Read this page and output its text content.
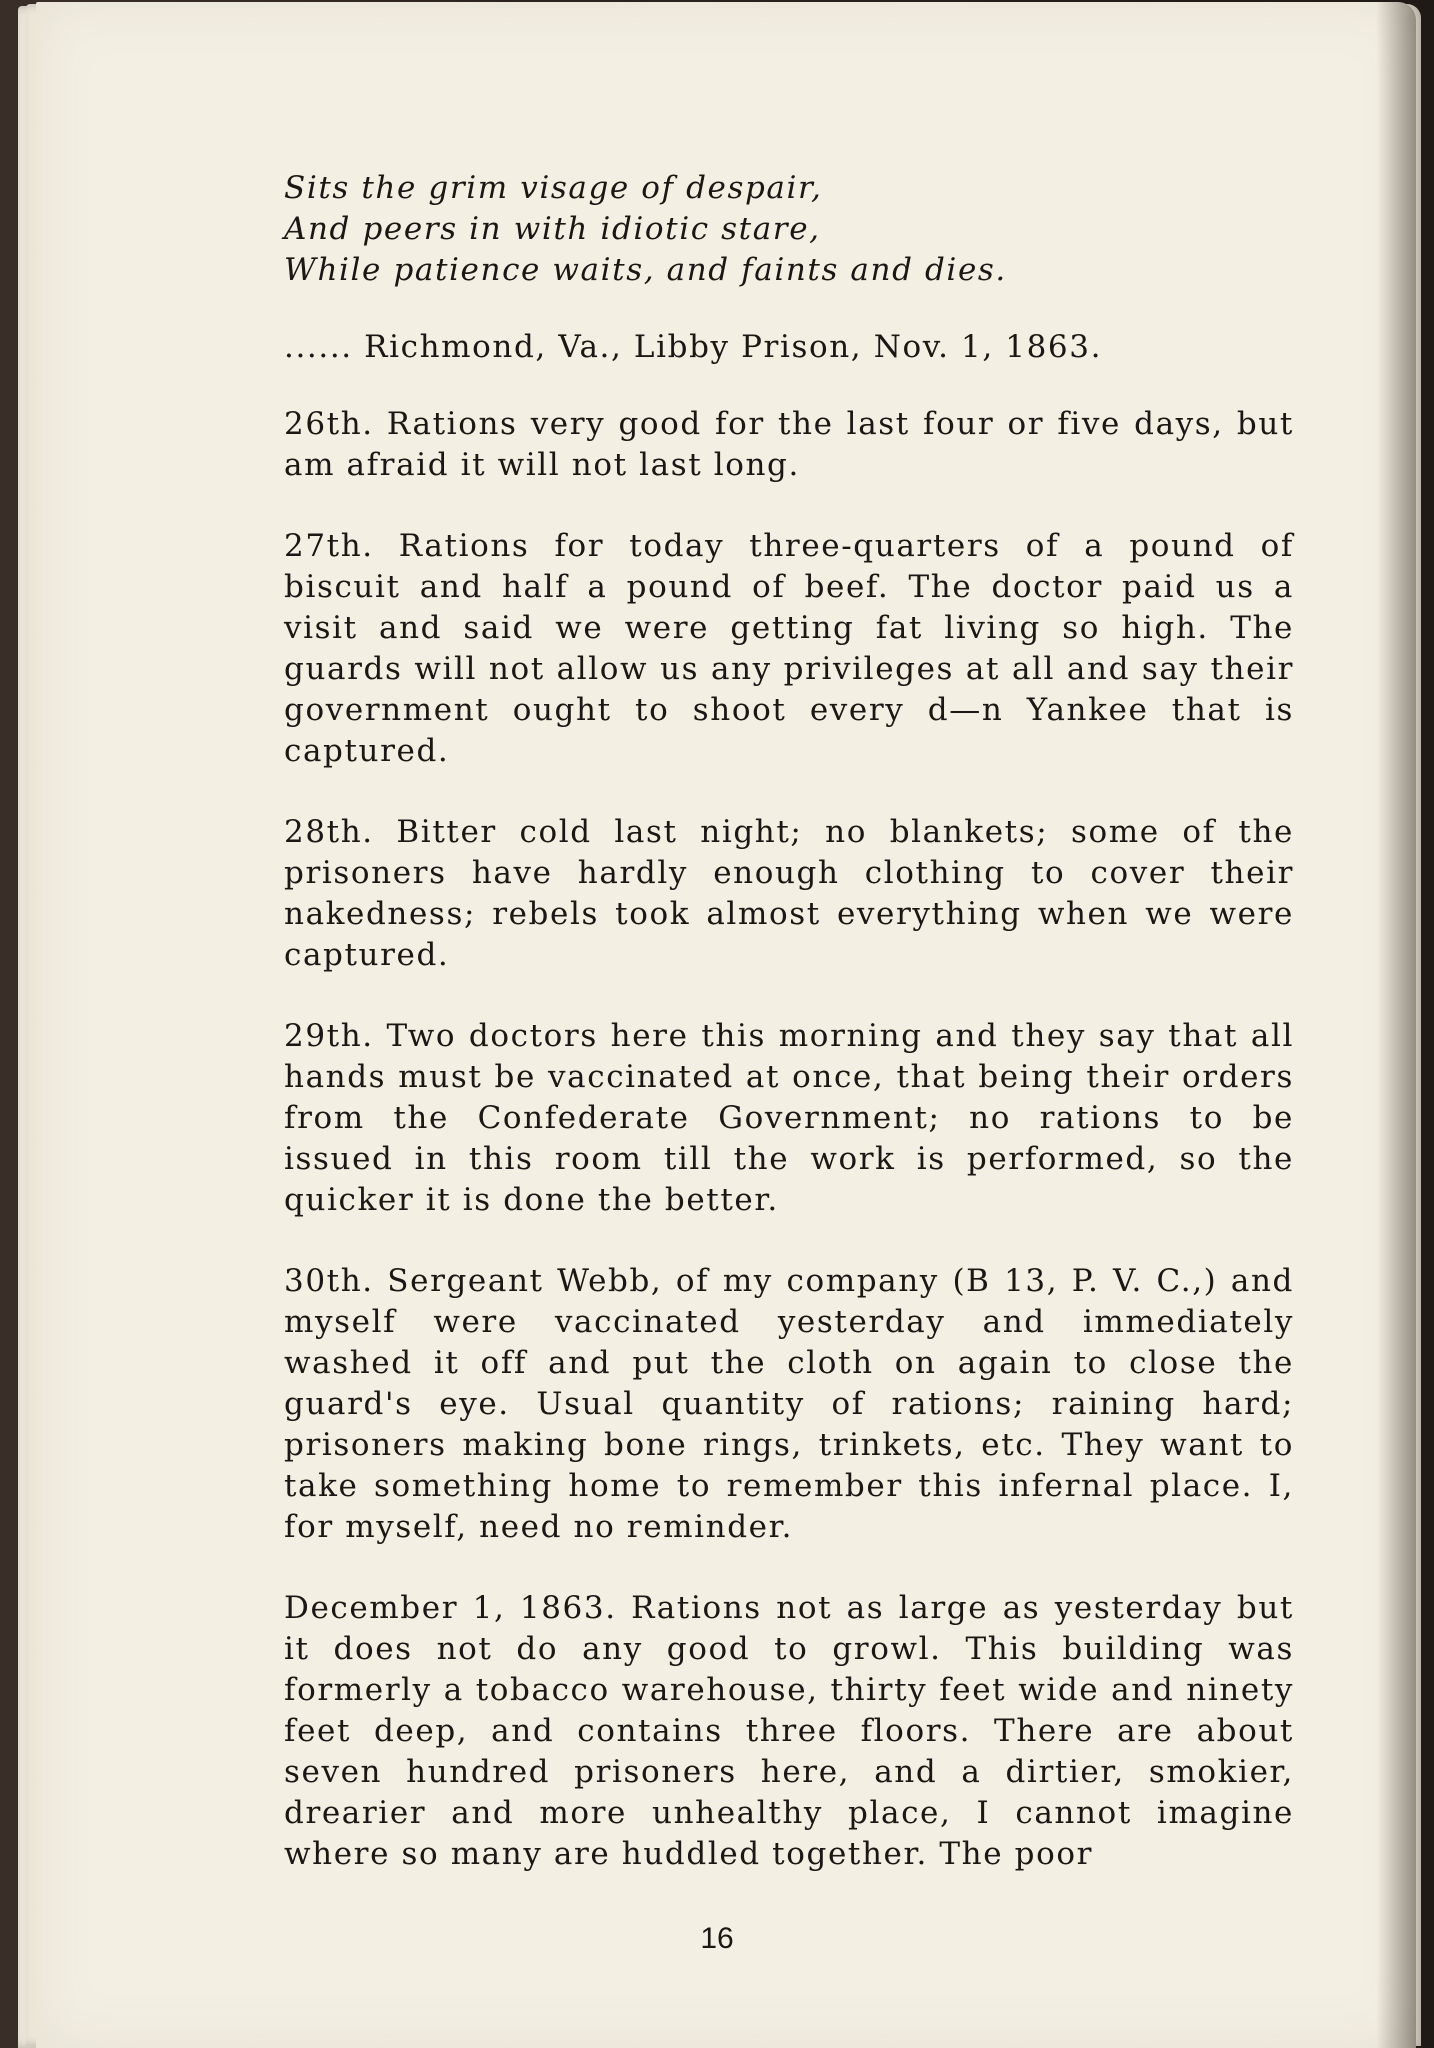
Sits the grim visage of despair,
And peers in with idiotic stare,
While patience waits, and faints and dies.
...... Richmond, Va., Libby Prison, Nov. 1, 1863.

26th. Rations very good for the last four or five days, but am afraid it will not last long.

27th. Rations for today three-quarters of a pound of biscuit and half a pound of beef. The doctor paid us a visit and said we were getting fat living so high. The guards will not allow us any privileges at all and say their government ought to shoot every d—n Yankee that is captured.

28th. Bitter cold last night; no blankets; some of the prisoners have hardly enough clothing to cover their nakedness; rebels took almost everything when we were captured.

29th. Two doctors here this morning and they say that all hands must be vaccinated at once, that being their orders from the Confederate Government; no rations to be issued in this room till the work is performed, so the quicker it is done the better.

30th. Sergeant Webb, of my company (B 13, P. V. C.,) and myself were vaccinated yesterday and immediately washed it off and put the cloth on again to close the guard's eye. Usual quantity of rations; raining hard; prisoners making bone rings, trinkets, etc. They want to take something home to remember this infernal place. I, for myself, need no reminder.

December 1, 1863. Rations not as large as yesterday but it does not do any good to growl. This building was formerly a tobacco warehouse, thirty feet wide and ninety feet deep, and contains three floors. There are about seven hundred prisoners here, and a dirtier, smokier, drearier and more unhealthy place, I cannot imagine where so many are huddled together. The poor

16
